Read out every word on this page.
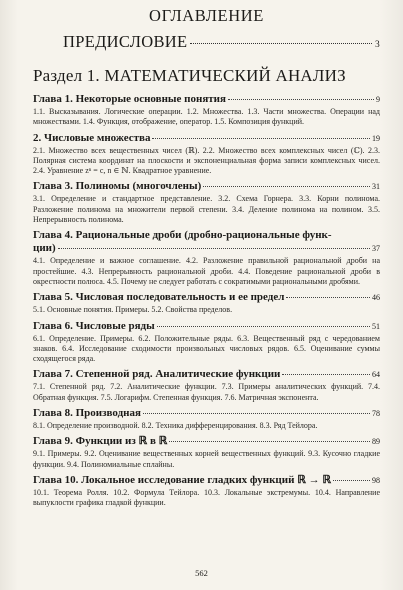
ОГЛАВЛЕНИЕ
ПРЕДИСЛОВИЕ	3
Раздел 1. МАТЕМАТИЧЕСКИЙ АНАЛИЗ
Глава 1. Некоторые основные понятия	9
1.1. Высказывания. Логические операции. 1.2. Множества. 1.3. Части множества. Операции над множествами. 1.4. Функция, отображение, оператор. 1.5. Композиция функций.
2. Числовые множества	19
2.1. Множество всех вещественных чисел (ℝ). 2.2. Множество всех комплексных чисел (ℂ). 2.3. Полярная система координат на плоскости и экспоненциальная форма записи комплексных чисел. 2.4. Уравнение zⁿ = c, n ∈ ℕ. Квадратное уравнение.
Глава 3. Полиномы (многочлены)	31
3.1. Определение и стандартное представление. 3.2. Схема Горнера. 3.3. Корни полинома. Разложение полинома на множители первой степени. 3.4. Деление полинома на полином. 3.5. Непрерывность полинома.
Глава 4. Рациональные дроби (дробно-рациональные функ-
ции)	37
4.1. Определение и важное соглашение. 4.2. Разложение правильной рациональной дроби на простейшие. 4.3. Непрерывность рациональной дроби. 4.4. Поведение рациональной дроби в окрестности полюса. 4.5. Почему не следует работать с сократимыми рациональными дробями.
Глава 5. Числовая последовательность и ее предел	46
5.1. Основные понятия. Примеры. 5.2. Свойства пределов.
Глава 6. Числовые ряды	51
6.1. Определение. Примеры. 6.2. Положительные ряды. 6.3. Вещественный ряд с чередованием знаков. 6.4. Исследование сходимости произвольных числовых рядов. 6.5. Оценивание суммы сходящегося ряда.
Глава 7. Степенной ряд. Аналитические функции	64
7.1. Степенной ряд. 7.2. Аналитические функции. 7.3. Примеры аналитических функций. 7.4. Обратная функция. 7.5. Логарифм. Степенная функция. 7.6. Матричная экспонента.
Глава 8. Производная	78
8.1. Определение производной. 8.2. Техника дифференцирования. 8.3. Ряд Тейлора.
Глава 9. Функции из ℝ в ℝ	89
9.1. Примеры. 9.2. Оценивание вещественных корней вещественных функций. 9.3. Кусочно гладкие функции. 9.4. Полиномиальные сплайны.
Глава 10. Локальное исследование гладких функций ℝ → ℝ	98
10.1. Теорема Ролля. 10.2. Формула Тейлора. 10.3. Локальные экстремумы. 10.4. Направление выпуклости графика гладкой функции.
562
